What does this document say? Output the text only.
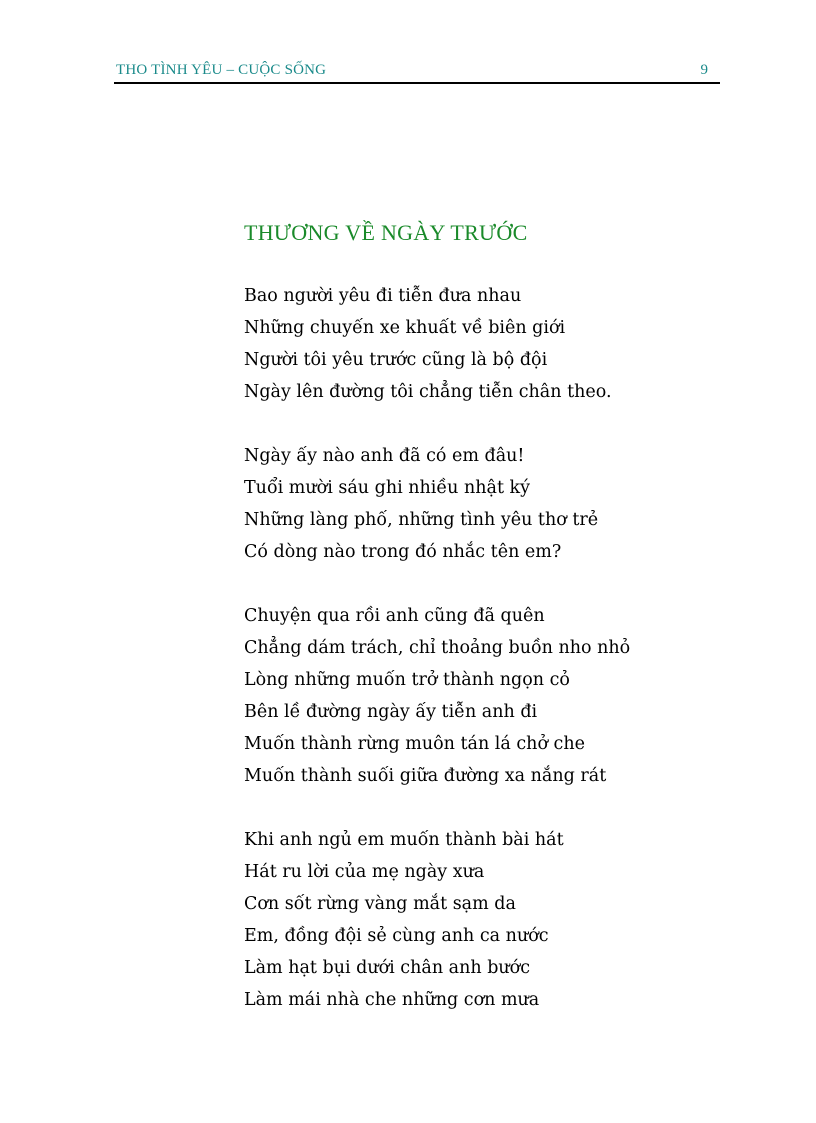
THO TÌNH YÊU – CUỘC SỐNG	9
THƯƠNG VỀ NGÀY TRƯỚC
Bao người yêu đi tiễn đưa nhau
Những chuyến xe khuất về biên giới
Người tôi yêu trước cũng là bộ đội
Ngày lên đường tôi chẳng tiễn chân theo.
Ngày ấy nào anh đã có em đâu!
Tuổi mười sáu ghi nhiều nhật ký
Những làng phố, những tình yêu thơ trẻ
Có dòng nào trong đó nhắc tên em?
Chuyện qua rồi anh cũng đã quên
Chẳng dám trách, chỉ thoảng buồn nho nhỏ
Lòng những muốn trở thành ngọn cỏ
Bên lề đường ngày ấy tiễn anh đi
Muốn thành rừng muôn tán lá chở che
Muốn thành suối giữa đường xa nắng rát
Khi anh ngủ em muốn thành bài hát
Hát ru lời của mẹ ngày xưa
Cơn sốt rừng vàng mắt sạm da
Em, đồng đội sẻ cùng anh ca nước
Làm hạt bụi dưới chân anh bước
Làm mái nhà che những cơn mưa
